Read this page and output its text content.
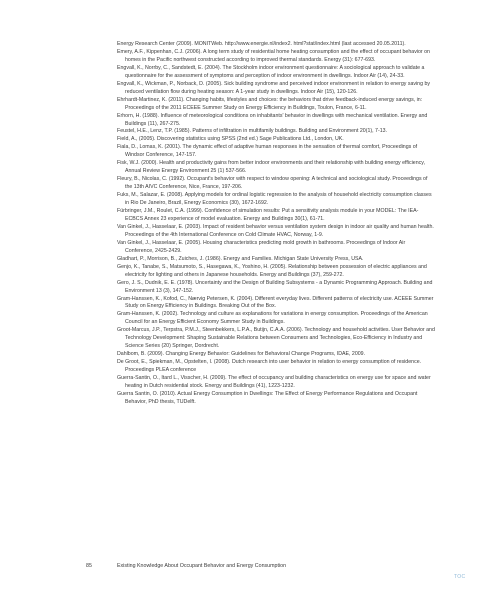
Energy Research Center (2009). MONITWeb. http://www.energie.nl/index2. html?stat/index.html (last accessed 20.05.2011).

Emery, A.F., Kippenhan, C.J. (2006). A long term study of residential home heating consumption and the effect of occupant behavior on homes in the Pacific northwest constructed according to improved thermal standards. Energy (31): 677-693.

Engvall, K., Norrby, C., Sandstedt, E. (2004). The Stockholm indoor environment questionnaire: A sociological approach to validate a questionnaire for the assessment of symptoms and perception of indoor environment in dwellings. Indoor Air (14), 24-33.

Engvall, K., Wickman, P., Norback, D. (2005). Sick building syndrome and perceived indoor environment in relation to energy saving by reduced ventilation flow during heating season: A 1-year study in dwellings. Indoor Air (15), 120-126.

Ehrhardt-Martinez, K. (2011). Changing habits, lifestyles and choices: the behaviors that drive feedback-induced energy savings, in: Proceedings of the 2011 ECEEE Summer Study on Energy Efficiency in Buildings, Toulon, France, 6-11.

Erhorn, H. (1988). Influence of meteorological conditions on inhabitants' behavior in dwellings with mechanical ventilation. Energy and Buildings (11), 267-275.

Feustel, H.E., Lenz, T.P. (1985). Patterns of infiltration in multifamily buildings. Building and Environment 20(1), 7-13.

Field, A., (2005). Discovering statistics using SPSS (2nd ed.) Sage Publications Ltd., London, UK.

Fiala, D., Lomas, K. (2001). The dynamic effect of adaptive human responses in the sensation of thermal comfort, Proceedings of Windsor Conference, 147-157.

Fisk, W.J. (2000). Health and productivity gains from better indoor environments and their relationship with building energy efficiency, Annual Review Energy Environment 25 (1) 537-566.

Fleury, B., Nicolas, C. (1992). Occupant's behavior with respect to window opening: A technical and sociological study. Proceedings of the 13th AIVC Conference, Nice, France, 197-206.

Fuks, M., Salazar, E. (2008). Applying models for ordinal logistic regression to the analysis of household electricity consumption classes in Rio De Janeiro, Brazil, Energy Economics (30), 1672-1692.

Fürbringer, J.M., Roulet, C.A. (1999). Confidence of simulation results: Put a sensitivity analysis module in your MODEL: The IEA-ECBCS Annex 23 experience of model evaluation. Energy and Buildings 30(1), 61-71.

Van Ginkel, J., Hasselaar, E. (2003). Impact of resident behavior versus ventilation system design in indoor air quality and human health. Proceedings of the 4th International Conference on Cold Climate HVAC, Norway, 1-9.

Van Ginkel, J., Hasselaar, E. (2005). Housing characteristics predicting mold growth in bathrooms. Proceedings of Indoor Air Conference, 2425-2429.

Gladhart, P., Morrison, B., Zuiches, J. (1986). Energy and Families. Michigan State University Press, USA.

Genjo, K., Tanabe, S., Matsumoto, S., Hasegawa, K., Yoshino, H. (2005). Relationship between possession of electric appliances and electricity for lighting and others in Japanese households. Energy and Buildings (37), 259-272.

Gero, J. S., Dudnik, E. E. (1978). Uncertainty and the Design of Building Subsystems - a Dynamic Programming Approach. Building and Environment 13 (3), 147-152.

Gram-Hanssen, K., Kofod, C., Nærvig Petersen, K. (2004). Different everyday lives. Different patterns of electricity use. ACEEE Summer Study on Energy Efficiency in Buildings. Breaking Out of the Box.

Gram-Hanssen, K. (2002). Technology and culture as explanations for variations in energy consumption. Proceedings of the American Council for an Energy Efficient Economy Summer Study in Buildings.

Groot-Marcus, J.P., Terpstra, P.M.J., Steenbekkers, L.P.A., Butijn, C.A.A. (2006). Technology and household activities. User Behavior and Technology Development: Shaping Sustainable Relations between Consumers and Technologies, Eco-Efficiency in Industry and Science Series (20) Springer, Dordrecht.

Dahlbom, B. (2009). Changing Energy Behavior: Guidelines for Behavioral Change Programs, IDAE, 2009.

De Groot, E., Spiekman, M., Opstelten, I. (2008). Dutch research into user behavior in relation to energy consumption of residence. Proceedings PLEA conference

Guerra-Santin, O., Itard L., Visscher, H. (2009). The effect of occupancy and building characteristics on energy use for space and water heating in Dutch residential stock. Energy and Buildings (41), 1223-1232.

Guerra Santin, O. (2010). Actual Energy Consumption in Dwellings: The Effect of Energy Performance Regulations and Occupant Behavior, PhD thesis, TUDelft.

85	Existing Knowledge About Occupant Behavior and Energy Consumption
TOC
